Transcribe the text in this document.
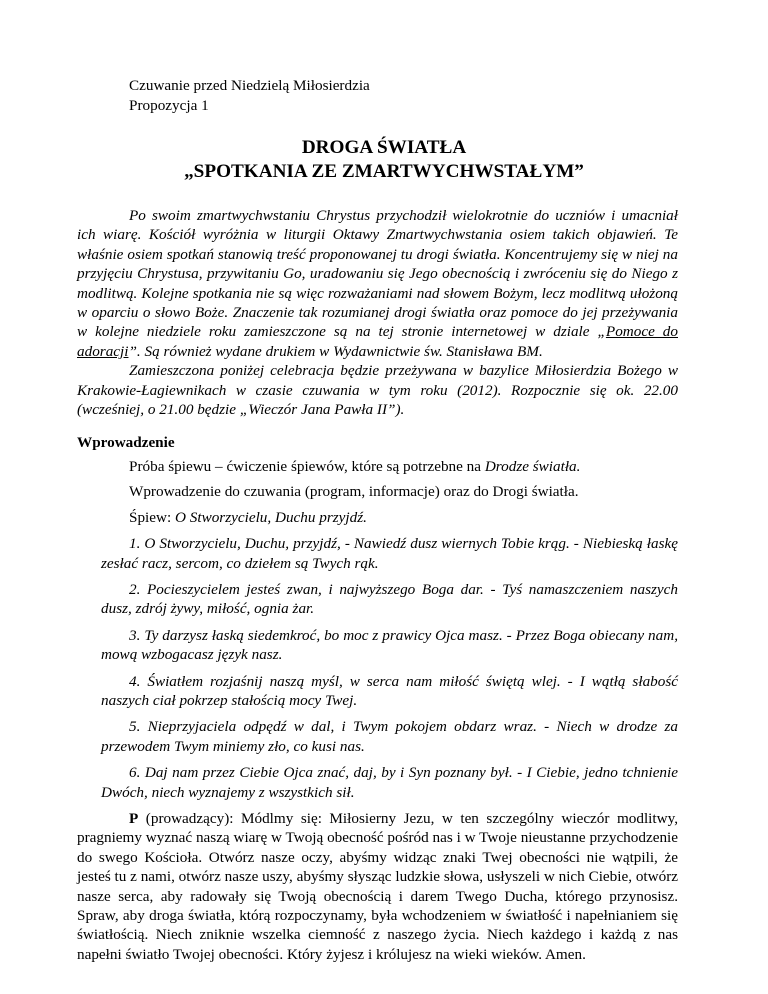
Czuwanie przed Niedzielą Miłosierdzia
Propozycja 1
DROGA ŚWIATŁA
„SPOTKANIA ZE ZMARTWYCHWSTAŁYM”

Po swoim zmartwychwstaniu Chrystus przychodził wielokrotnie do uczniów i umacniał ich wiarę. Kościół wyróżnia w liturgii Oktawy Zmartwychwstania osiem takich objawień. Te właśnie osiem spotkań stanowią treść proponowanej tu drogi światła. Koncentrujemy się w niej na przyjęciu Chrystusa, przywitaniu Go, uradowaniu się Jego obecnością i zwróceniu się do Niego z modlitwą. Kolejne spotkania nie są więc rozważaniami nad słowem Bożym, lecz modlitwą ułożoną w oparciu o słowo Boże. Znaczenie tak rozumianej drogi światła oraz pomoce do jej przeżywania w kolejne niedziele roku zamieszczone są na tej stronie internetowej w dziale „Pomoce do adoracji”. Są również wydane drukiem w Wydawnictwie św. Stanisława BM.

Zamieszczona poniżej celebracja będzie przeżywana w bazylice Miłosierdzia Bożego w Krakowie-Łagiewnikach w czasie czuwania w tym roku (2012). Rozpocznie się ok. 22.00 (wcześniej, o 21.00 będzie „Wieczór Jana Pawła II”).

Wprowadzenie

Próba śpiewu – ćwiczenie śpiewów, które są potrzebne na Drodze światła.

Wprowadzenie do czuwania (program, informacje) oraz do Drogi światła.

Śpiew: O Stworzycielu, Duchu przyjdź.

1. O Stworzycielu, Duchu, przyjdź, - Nawiedź dusz wiernych Tobie krąg. - Niebieską łaskę zesłać racz, sercom, co dziełem są Twych rąk.

2. Pocieszycielem jesteś zwan, i najwyższego Boga dar. - Tyś namaszczeniem naszych dusz, zdrój żywy, miłość, ognia żar.

3. Ty darzysz łaską siedemkroć, bo moc z prawicy Ojca masz. - Przez Boga obiecany nam, mową wzbogacasz język nasz.

4. Światłem rozjaśnij naszą myśl, w serca nam miłość świętą wlej. - I wątłą słabość naszych ciał pokrzep stałością mocy Twej.

5. Nieprzyjaciela odpędź w dal, i Twym pokojem obdarz wraz. - Niech w drodze za przewodem Twym miniemy zło, co kusi nas.

6. Daj nam przez Ciebie Ojca znać, daj, by i Syn poznany był. - I Ciebie, jedno tchnienie Dwóch, niech wyznajemy z wszystkich sił.

P (prowadzący): Módlmy się: Miłosierny Jezu, w ten szczególny wieczór modlitwy, pragniemy wyznać naszą wiarę w Twoją obecność pośród nas i w Twoje nieustanne przychodzenie do swego Kościoła. Otwórz nasze oczy, abyśmy widząc znaki Twej obecności nie wątpili, że jesteś tu z nami, otwórz nasze uszy, abyśmy słysząc ludzkie słowa, usłyszeli w nich Ciebie, otwórz nasze serca, aby radowały się Twoją obecnością i darem Twego Ducha, którego przynosisz. Spraw, aby droga światła, którą rozpoczynamy, była wchodzeniem w światłość i napełnianiem się światłością. Niech zniknie wszelka ciemność z naszego życia. Niech każdego i każdą z nas napełni światło Twojej obecności. Który żyjesz i królujesz na wieki wieków. Amen.
